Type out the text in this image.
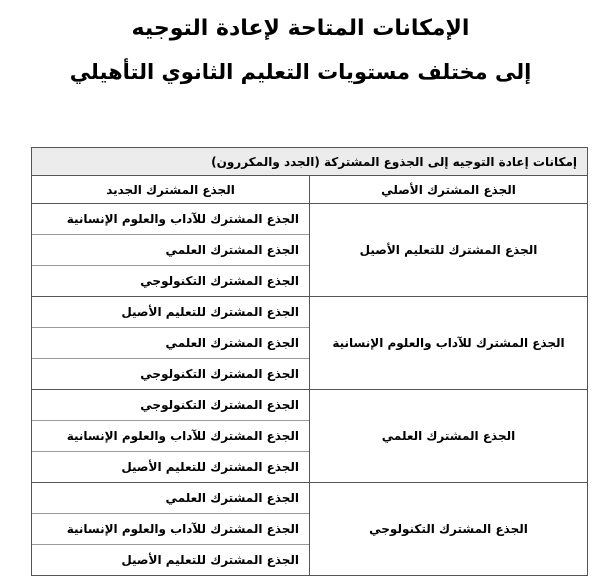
الإمكانات المتاحة لإعادة التوجيه
إلى مختلف مستويات التعليم الثانوي التأهيلي
إمكانات إعادة التوجيه إلى الجذوع المشتركة (الجدد والمكررون)	
الجذع المشترك الأصلي	الجذع المشترك الجديد
الجذع المشترك للتعليم الأصيل	الجذع المشترك للآداب والعلوم الإنسانية
الجذع المشترك العلمي
الجذع المشترك التكنولوجي

الجذع المشترك للآداب والعلوم الإنسانية	الجذع المشترك للتعليم الأصيل
الجذع المشترك العلمي
الجذع المشترك التكنولوجي

الجذع المشترك العلمي	الجذع المشترك التكنولوجي
الجذع المشترك للآداب والعلوم الإنسانية
الجذع المشترك للتعليم الأصيل

الجذع المشترك التكنولوجي	الجذع المشترك العلمي
الجذع المشترك للآداب والعلوم الإنسانية
الجذع المشترك للتعليم الأصيل
